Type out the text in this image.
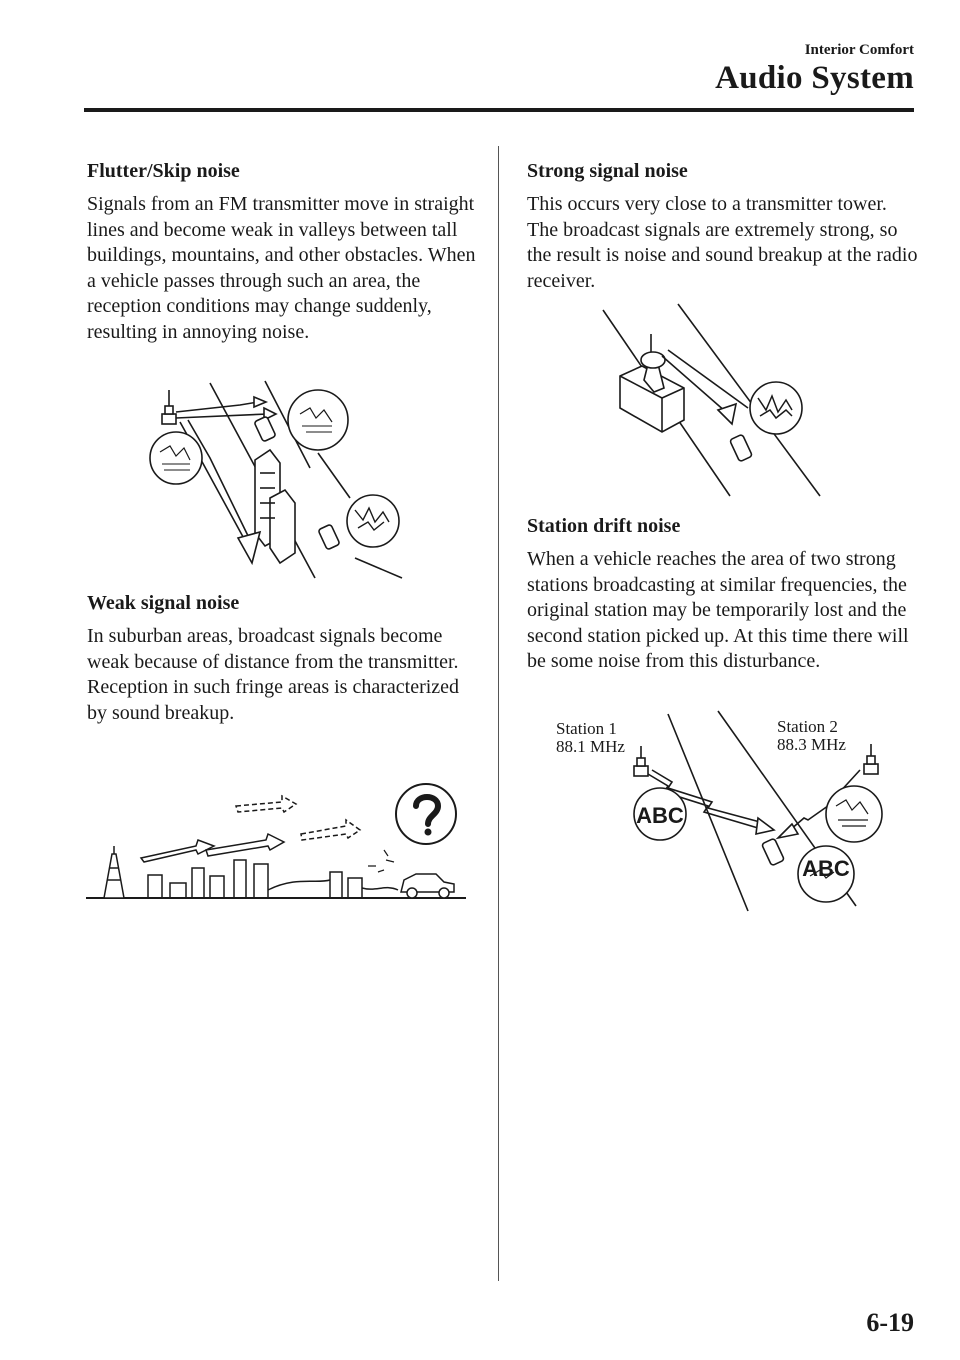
Interior Comfort
Audio System
Flutter/Skip noise

Signals from an FM transmitter move in straight lines and become weak in valleys between tall buildings, mountains, and other obstacles. When a vehicle passes through such an area, the reception conditions may change suddenly, resulting in annoying noise.

Weak signal noise

In suburban areas, broadcast signals become weak because of distance from the transmitter. Reception in such fringe areas is characterized by sound breakup.

Strong signal noise

This occurs very close to a transmitter tower. The broadcast signals are extremely strong, so the result is noise and sound breakup at the radio receiver.

Station drift noise

When a vehicle reaches the area of two strong stations broadcasting at similar frequencies, the original station may be temporarily lost and the second station picked up. At this time there will be some noise from this disturbance.

Station 1
88.1 MHz
Station 2
88.3 MHz
ABC
ABC
6-19
